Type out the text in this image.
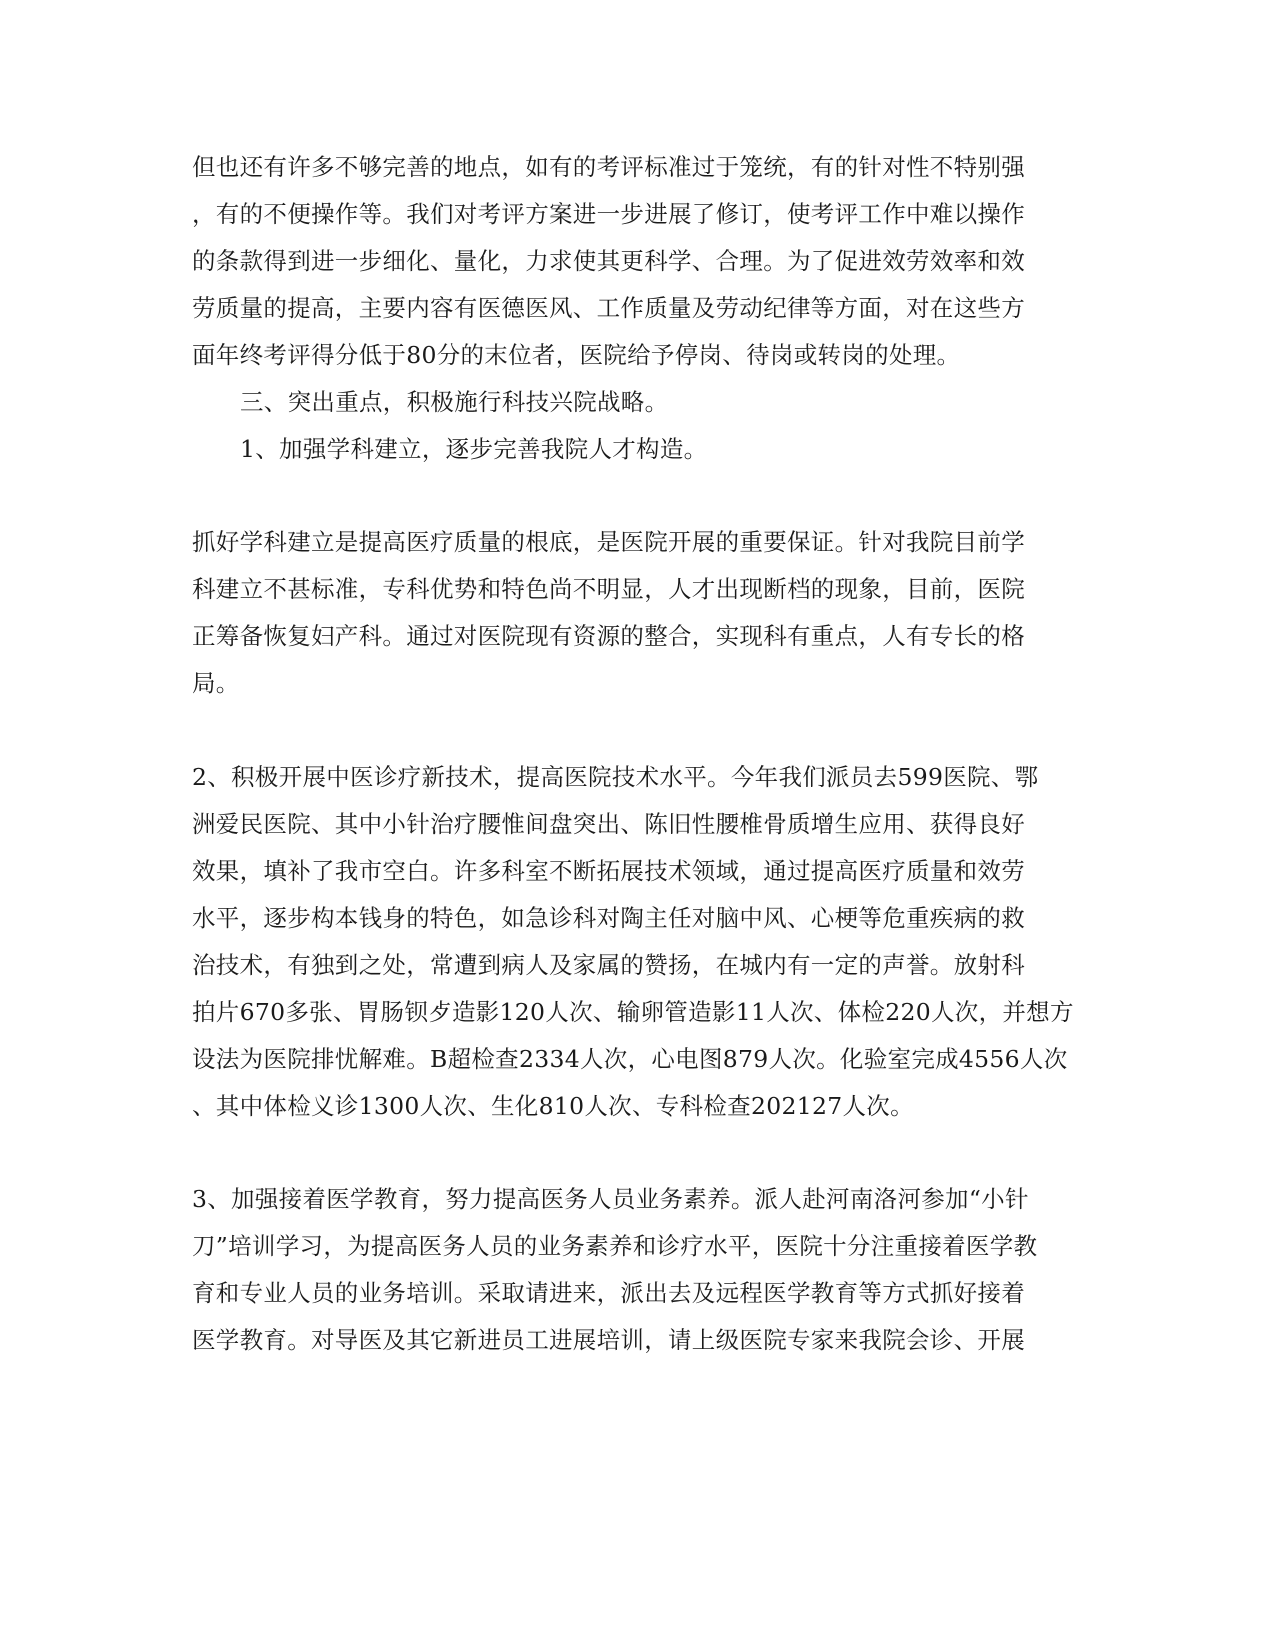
但也还有许多不够完善的地点，如有的考评标准过于笼统，有的针对性不特别强
，有的不便操作等。我们对考评方案进一步进展了修订，使考评工作中难以操作
的条款得到进一步细化、量化，力求使其更科学、合理。为了促进效劳效率和效
劳质量的提高，主要内容有医德医风、工作质量及劳动纪律等方面，对在这些方
面年终考评得分低于80分的末位者，医院给予停岗、待岗或转岗的处理。
三、突出重点，积极施行科技兴院战略。
1、加强学科建立，逐步完善我院人才构造。
抓好学科建立是提高医疗质量的根底，是医院开展的重要保证。针对我院目前学
科建立不甚标准，专科优势和特色尚不明显，人才出现断档的现象，目前，医院
正筹备恢复妇产科。通过对医院现有资源的整合，实现科有重点，人有专长的格
局。
2、积极开展中医诊疗新技术，提高医院技术水平。今年我们派员去599医院、鄂
洲爱民医院、其中小针治疗腰惟间盘突出、陈旧性腰椎骨质增生应用、获得良好
效果，填补了我市空白。许多科室不断拓展技术领域，通过提高医疗质量和效劳
水平，逐步构本钱身的特色，如急诊科对陶主任对脑中风、心梗等危重疾病的救
治技术，有独到之处，常遭到病人及家属的赞扬，在城内有一定的声誉。放射科
拍片670多张、胃肠钡歺造影120人次、输卵管造影11人次、体检220人次，并想方
设法为医院排忧解难。B超检查2334人次，心电图879人次。化验室完成4556人次
、其中体检义诊1300人次、生化810人次、专科检查202127人次。
3、加强接着医学教育，努力提高医务人员业务素养。派人赴河南洛河参加“小针
刀”培训学习，为提高医务人员的业务素养和诊疗水平，医院十分注重接着医学教
育和专业人员的业务培训。采取请进来，派出去及远程医学教育等方式抓好接着
医学教育。对导医及其它新进员工进展培训，请上级医院专家来我院会诊、开展
